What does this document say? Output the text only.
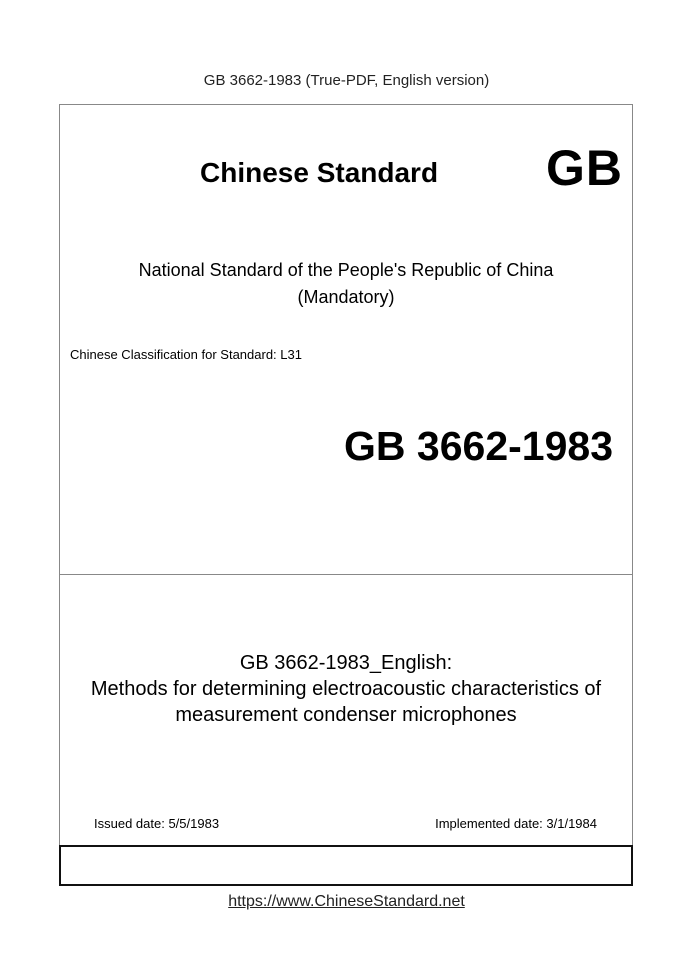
GB 3662-1983 (True-PDF, English version)
Chinese Standard GB
National Standard of the People's Republic of China
(Mandatory)
Chinese Classification for Standard: L31
GB 3662-1983
GB 3662-1983_English:
Methods for determining electroacoustic characteristics of
measurement condenser microphones
Issued date: 5/5/1983	Implemented date: 3/1/1984
https://www.ChineseStandard.net
